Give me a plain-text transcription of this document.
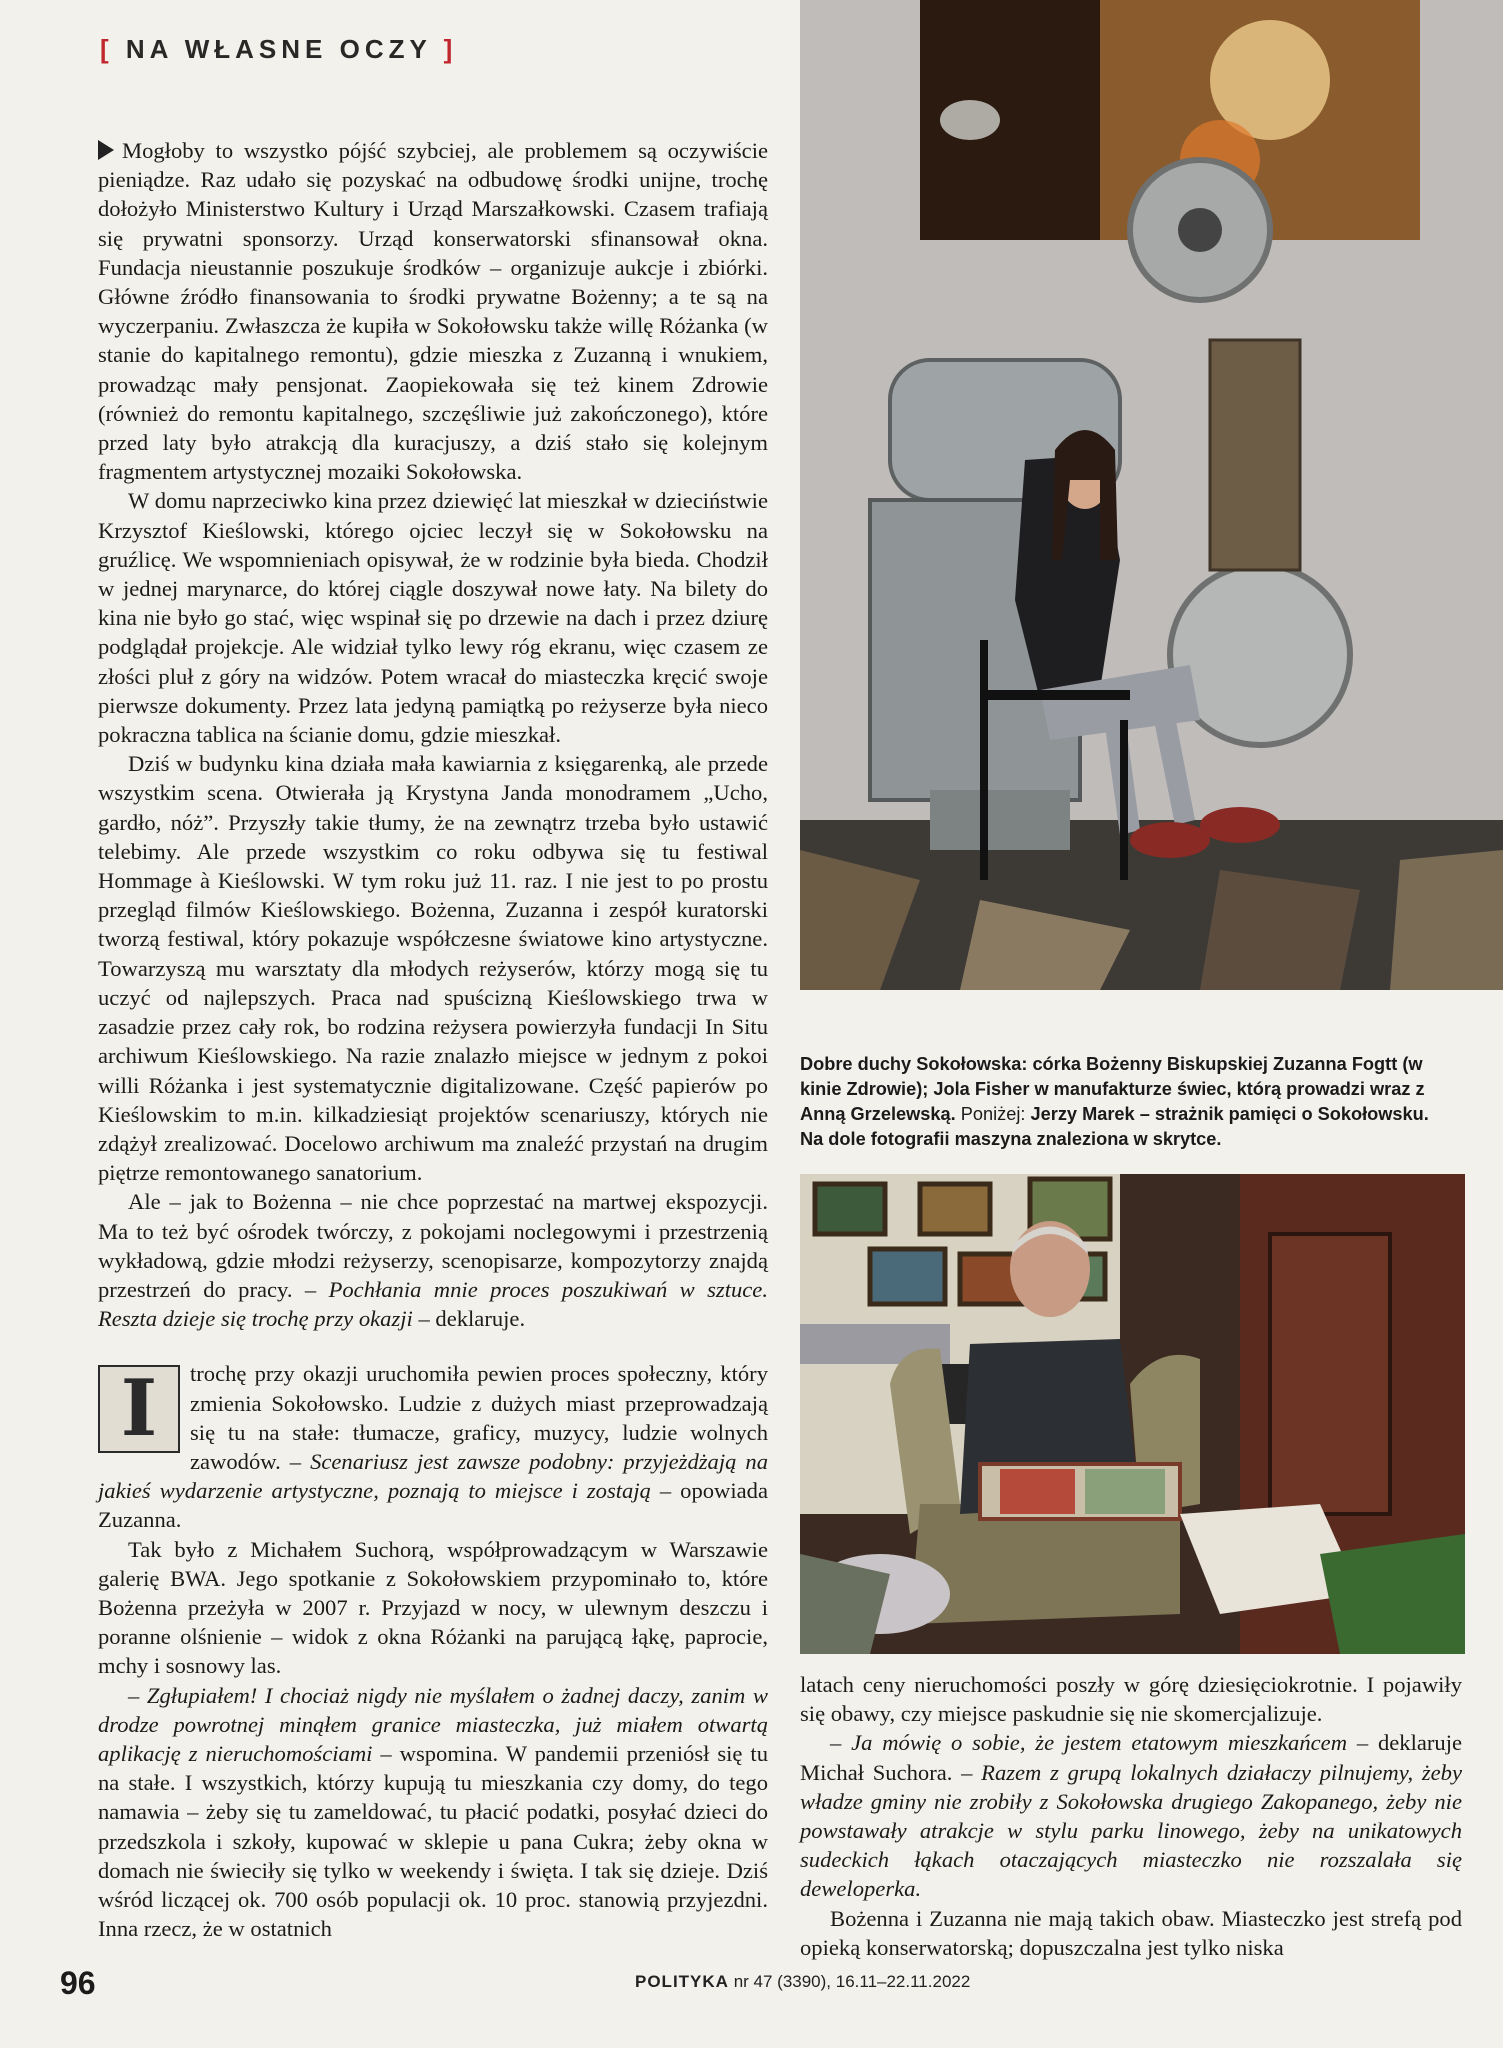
[ NA WŁASNE OCZY ]

Mogłoby to wszystko pójść szybciej, ale problemem są oczywiście pieniądze. Raz udało się pozyskać na odbudowę środki unijne, trochę dołożyło Ministerstwo Kultury i Urząd Marszałkowski. Czasem trafiają się prywatni sponsorzy. Urząd konserwatorski sfinansował okna. Fundacja nieustannie poszukuje środków – organizuje aukcje i zbiórki. Główne źródło finansowania to środki prywatne Bożenny; a te są na wyczerpaniu. Zwłaszcza że kupiła w Sokołowsku także willę Różanka (w stanie do kapitalnego remontu), gdzie mieszka z Zuzanną i wnukiem, prowadząc mały pensjonat. Zaopiekowała się też kinem Zdrowie (również do remontu kapitalnego, szczęśliwie już zakończonego), które przed laty było atrakcją dla kuracjuszy, a dziś stało się kolejnym fragmentem artystycznej mozaiki Sokołowska.

W domu naprzeciwko kina przez dziewięć lat mieszkał w dzieciństwie Krzysztof Kieślowski, którego ojciec leczył się w Sokołowsku na gruźlicę. We wspomnieniach opisywał, że w rodzinie była bieda. Chodził w jednej marynarce, do której ciągle doszywał nowe łaty. Na bilety do kina nie było go stać, więc wspinał się po drzewie na dach i przez dziurę podglądał projekcje. Ale widział tylko lewy róg ekranu, więc czasem ze złości pluł z góry na widzów. Potem wracał do miasteczka kręcić swoje pierwsze dokumenty. Przez lata jedyną pamiątką po reżyserze była nieco pokraczna tablica na ścianie domu, gdzie mieszkał.

Dziś w budynku kina działa mała kawiarnia z księgarenką, ale przede wszystkim scena. Otwierała ją Krystyna Janda monodramem „Ucho, gardło, nóż”. Przyszły takie tłumy, że na zewnątrz trzeba było ustawić telebimy. Ale przede wszystkim co roku odbywa się tu festiwal Hommage à Kieślowski. W tym roku już 11. raz. I nie jest to po prostu przegląd filmów Kieślowskiego. Bożenna, Zuzanna i zespół kuratorski tworzą festiwal, który pokazuje współczesne światowe kino artystyczne. Towarzyszą mu warsztaty dla młodych reżyserów, którzy mogą się tu uczyć od najlepszych. Praca nad spuścizną Kieślowskiego trwa w zasadzie przez cały rok, bo rodzina reżysera powierzyła fundacji In Situ archiwum Kieślowskiego. Na razie znalazło miejsce w jednym z pokoi willi Różanka i jest systematycznie digitalizowane. Część papierów po Kieślowskim to m.in. kilkadziesiąt projektów scenariuszy, których nie zdążył zrealizować. Docelowo archiwum ma znaleźć przystań na drugim piętrze remontowanego sanatorium.

Ale – jak to Bożenna – nie chce poprzestać na martwej ekspozycji. Ma to też być ośrodek twórczy, z pokojami noclegowymi i przestrzenią wykładową, gdzie młodzi reżyserzy, scenopisarze, kompozytorzy znajdą przestrzeń do pracy. – Pochłania mnie proces poszukiwań w sztuce. Reszta dzieje się trochę przy okazji – deklaruje.

I	trochę przy okazji uruchomiła pewien proces społeczny, który zmienia Sokołowsko. Ludzie z dużych miast przeprowadzają się tu na stałe: tłumacze, graficy, muzycy, ludzie wolnych zawodów. – Scenariusz jest zawsze podobny: przyjeżdżają na jakieś wydarzenie artystyczne, poznają to miejsce i zostają – opowiada Zuzanna.

Tak było z Michałem Suchorą, współprowadzącym w Warszawie galerię BWA. Jego spotkanie z Sokołowskiem przypominało to, które Bożenna przeżyła w 2007 r. Przyjazd w nocy, w ulewnym deszczu i poranne olśnienie – widok z okna Różanki na parującą łąkę, paprocie, mchy i sosnowy las.

– Zgłupiałem! I chociaż nigdy nie myślałem o żadnej daczy, zanim w drodze powrotnej minąłem granice miasteczka, już miałem otwartą aplikację z nieruchomościami – wspomina. W pandemii przeniósł się tu na stałe. I wszystkich, którzy kupują tu mieszkania czy domy, do tego namawia – żeby się tu zameldować, tu płacić podatki, posyłać dzieci do przedszkola i szkoły, kupować w sklepie u pana Cukra; żeby okna w domach nie świeciły się tylko w weekendy i święta. I tak się dzieje. Dziś wśród liczącej ok. 700 osób populacji ok. 10 proc. stanowią przyjezdni. Inna rzecz, że w ostatnich

Dobre duchy Sokołowska: córka Bożenny Biskupskiej Zuzanna Fogtt (w kinie Zdrowie); Jola Fisher w manufakturze świec, którą prowadzi wraz z Anną Grzelewską. Poniżej: Jerzy Marek – strażnik pamięci o Sokołowsku. Na dole fotografii maszyna znaleziona w skrytce.

latach ceny nieruchomości poszły w górę dziesięciokrotnie. I pojawiły się obawy, czy miejsce paskudnie się nie skomercjalizuje.

– Ja mówię o sobie, że jestem etatowym mieszkańcem – deklaruje Michał Suchora. – Razem z grupą lokalnych działaczy pilnujemy, żeby władze gminy nie zrobiły z Sokołowska drugiego Zakopanego, żeby nie powstawały atrakcje w stylu parku linowego, żeby na unikatowych sudeckich łąkach otaczających miasteczko nie rozszalała się deweloperka.

Bożenna i Zuzanna nie mają takich obaw. Miasteczko jest strefą pod opieką konserwatorską; dopuszczalna jest tylko niska

96	POLITYKA nr 47 (3390), 16.11–22.11.2022
